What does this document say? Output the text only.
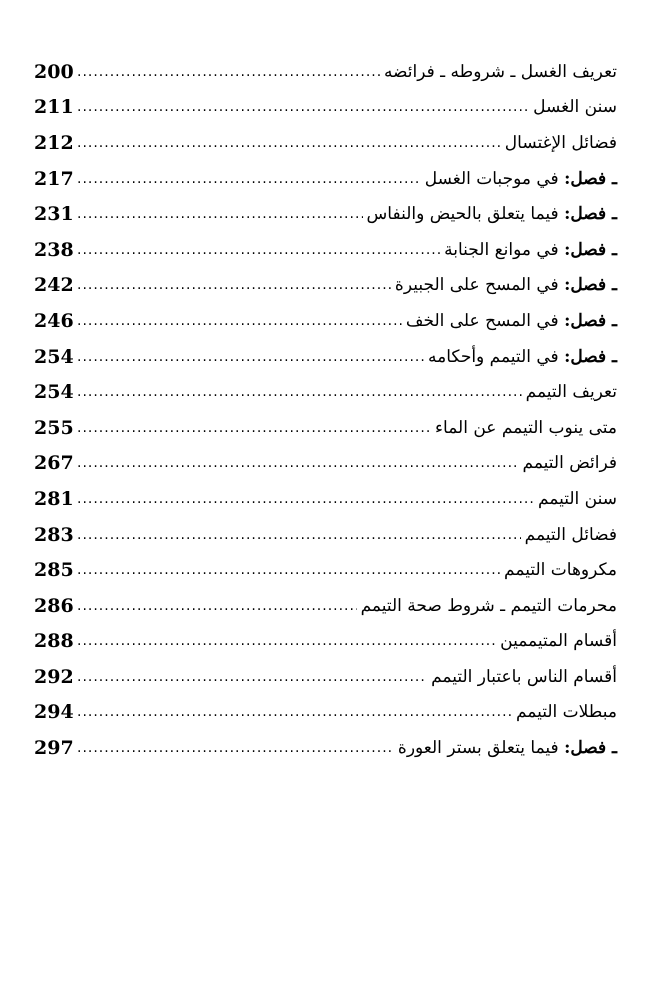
تعريف الغسل ـ شروطه ـ فرائضه
.....
200
سنن الغسل
.....
211
فضائل الإغتسال
.....
212
ـ فصل: في موجبات الغسل
.....
217
ـ فصل: فيما يتعلق بالحيض والنفاس
.....
231
ـ فصل: في موانع الجنابة
.....
238
ـ فصل: في المسح على الجبيرة
.....
242
ـ فصل: في المسح على الخف
.....
246
ـ فصل: في التيمم وأحكامه
.....
254
تعريف التيمم
.....
254
متى ينوب التيمم عن الماء
.....
255
فرائض التيمم
.....
267
سنن التيمم
.....
281
فضائل التيمم
.....
283
مكروهات التيمم
.....
285
محرمات التيمم ـ شروط صحة التيمم
.....
286
أقسام المتيممين
.....
288
أقسام الناس باعتبار التيمم
.....
292
مبطلات التيمم
.....
294
ـ فصل: فيما يتعلق بستر العورة
.....
297
